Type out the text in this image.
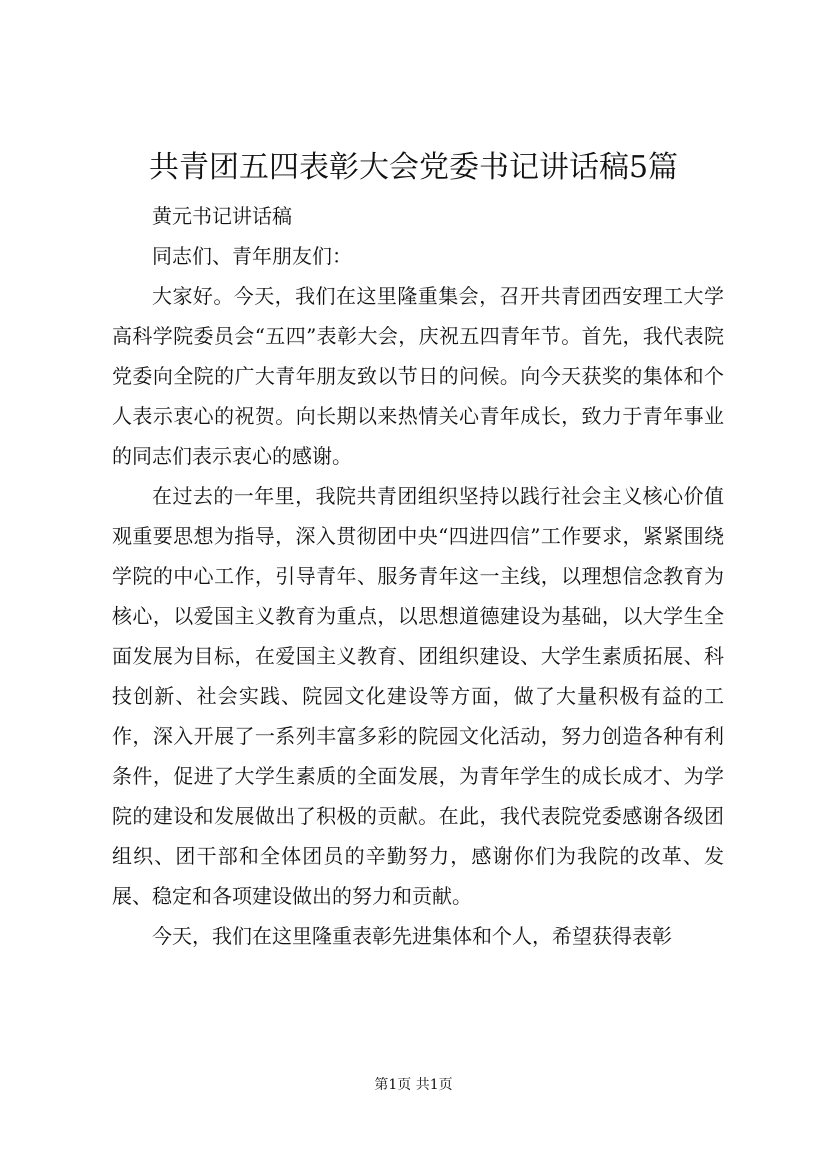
共青团五四表彰大会党委书记讲话稿5篇

黄元书记讲话稿

同志们、青年朋友们：

大家好。今天，我们在这里隆重集会，召开共青团西安理工大学高科学院委员会“五四”表彰大会，庆祝五四青年节。首先，我代表院党委向全院的广大青年朋友致以节日的问候。向今天获奖的集体和个人表示衷心的祝贺。向长期以来热情关心青年成长，致力于青年事业的同志们表示衷心的感谢。

在过去的一年里，我院共青团组织坚持以践行社会主义核心价值观重要思想为指导，深入贯彻团中央“四进四信”工作要求，紧紧围绕学院的中心工作，引导青年、服务青年这一主线，以理想信念教育为核心，以爱国主义教育为重点，以思想道德建设为基础，以大学生全面发展为目标，在爱国主义教育、团组织建设、大学生素质拓展、科技创新、社会实践、院园文化建设等方面，做了大量积极有益的工作，深入开展了一系列丰富多彩的院园文化活动，努力创造各种有利条件，促进了大学生素质的全面发展，为青年学生的成长成才、为学院的建设和发展做出了积极的贡献。在此，我代表院党委感谢各级团组织、团干部和全体团员的辛勤努力，感谢你们为我院的改革、发展、稳定和各项建设做出的努力和贡献。

今天，我们在这里隆重表彰先进集体和个人，希望获得表彰

第1页 共1页
